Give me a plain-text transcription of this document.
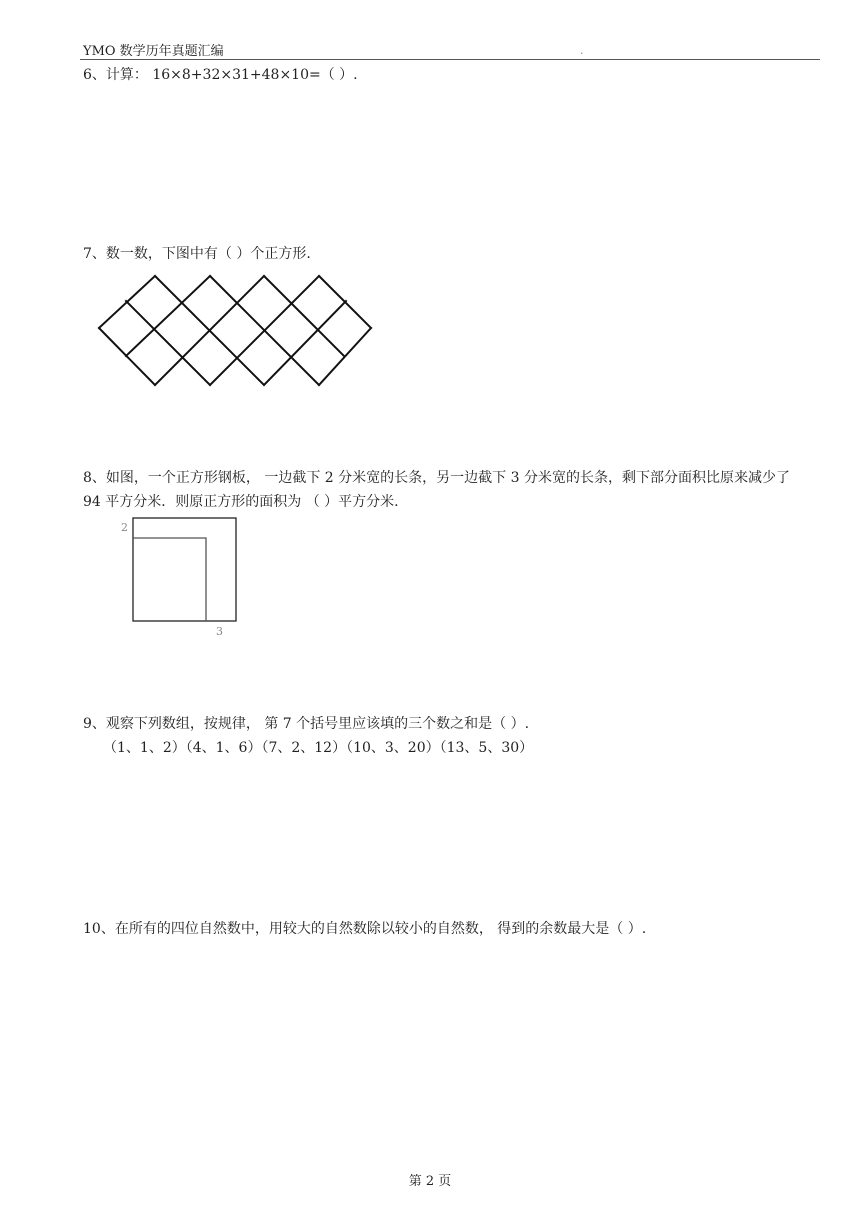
YMO 数学历年真题汇编	.
6、计算： 16×8+32×31+48×10=（ ）.
7、数一数，下图中有（ ）个正方形.
8、如图，一个正方形钢板， 一边截下 2 分米宽的长条，另一边截下 3 分米宽的长条，剩下部分面积比原来减少了
94 平方分米．则原正方形的面积为 （ ）平方分米.
2
3
9、观察下列数组，按规律， 第 7 个括号里应该填的三个数之和是（ ）.
（1、1、2）（4、1、6）（7、2、12）（10、3、20）（13、5、30）
10、在所有的四位自然数中，用较大的自然数除以较小的自然数， 得到的余数最大是（ ）.
第 2 页
